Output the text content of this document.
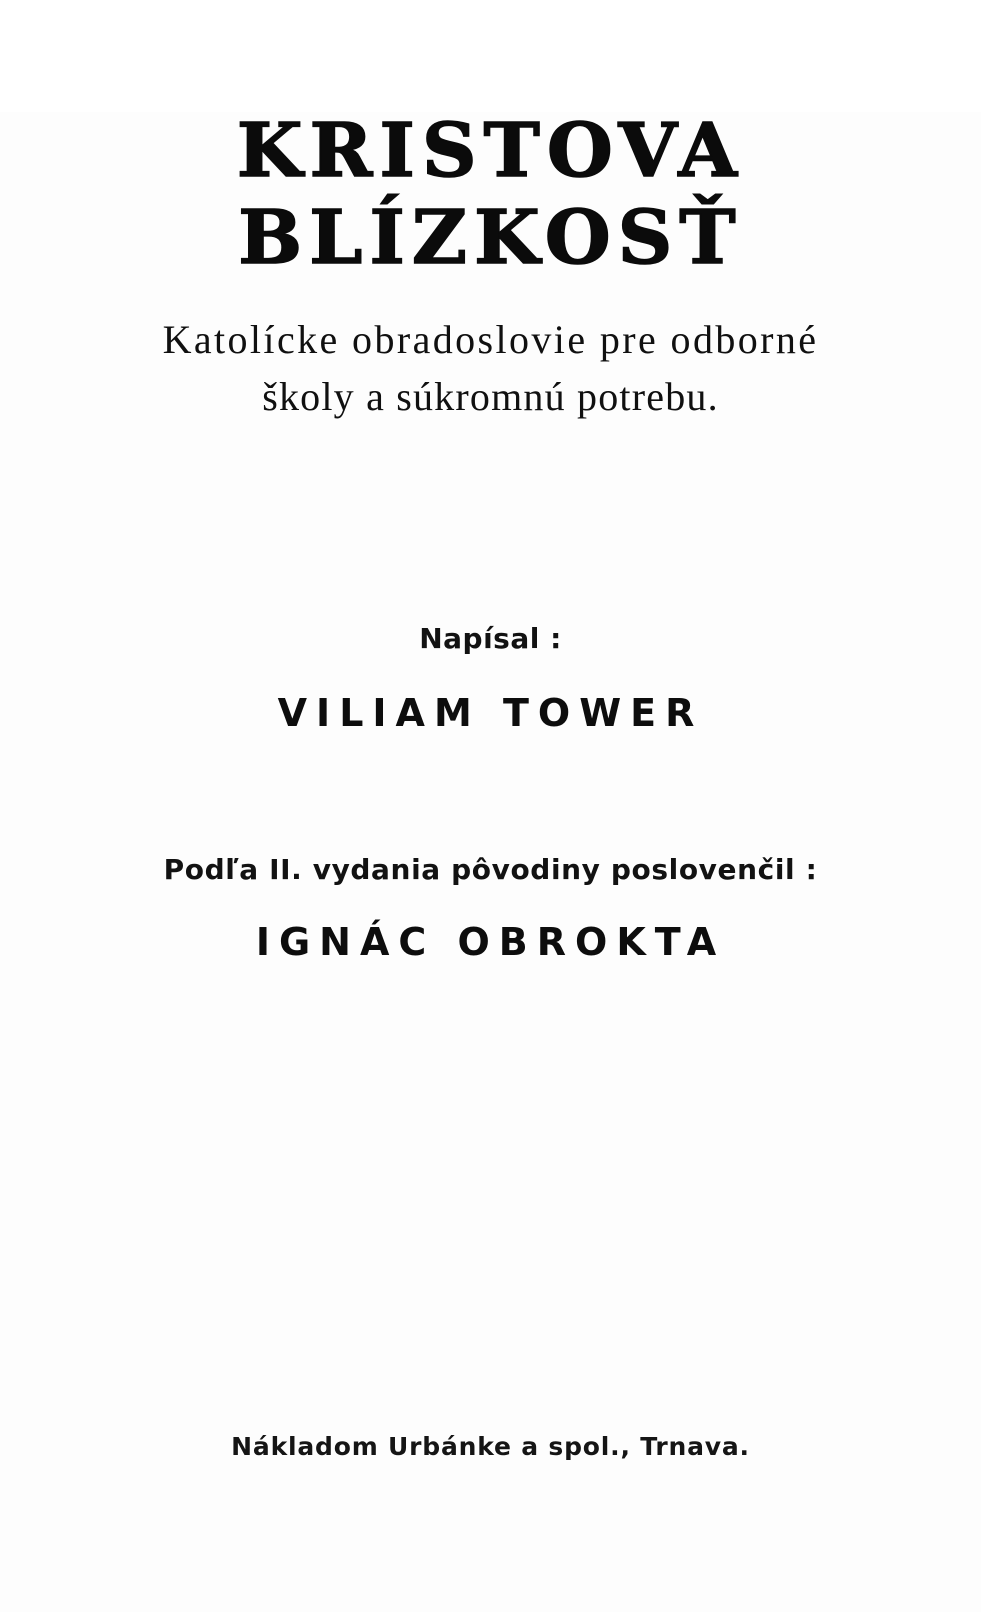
KRISTOVA
BLÍZKOSŤ
Katolícke obradoslovie pre odborné
školy a súkromnú potrebu.
Napísal :
VILIAM TOWER
Podľa II. vydania pôvodiny poslovenčil :
IGNÁC OBROKTA
Nákladom Urbánke a spol., Trnava.
